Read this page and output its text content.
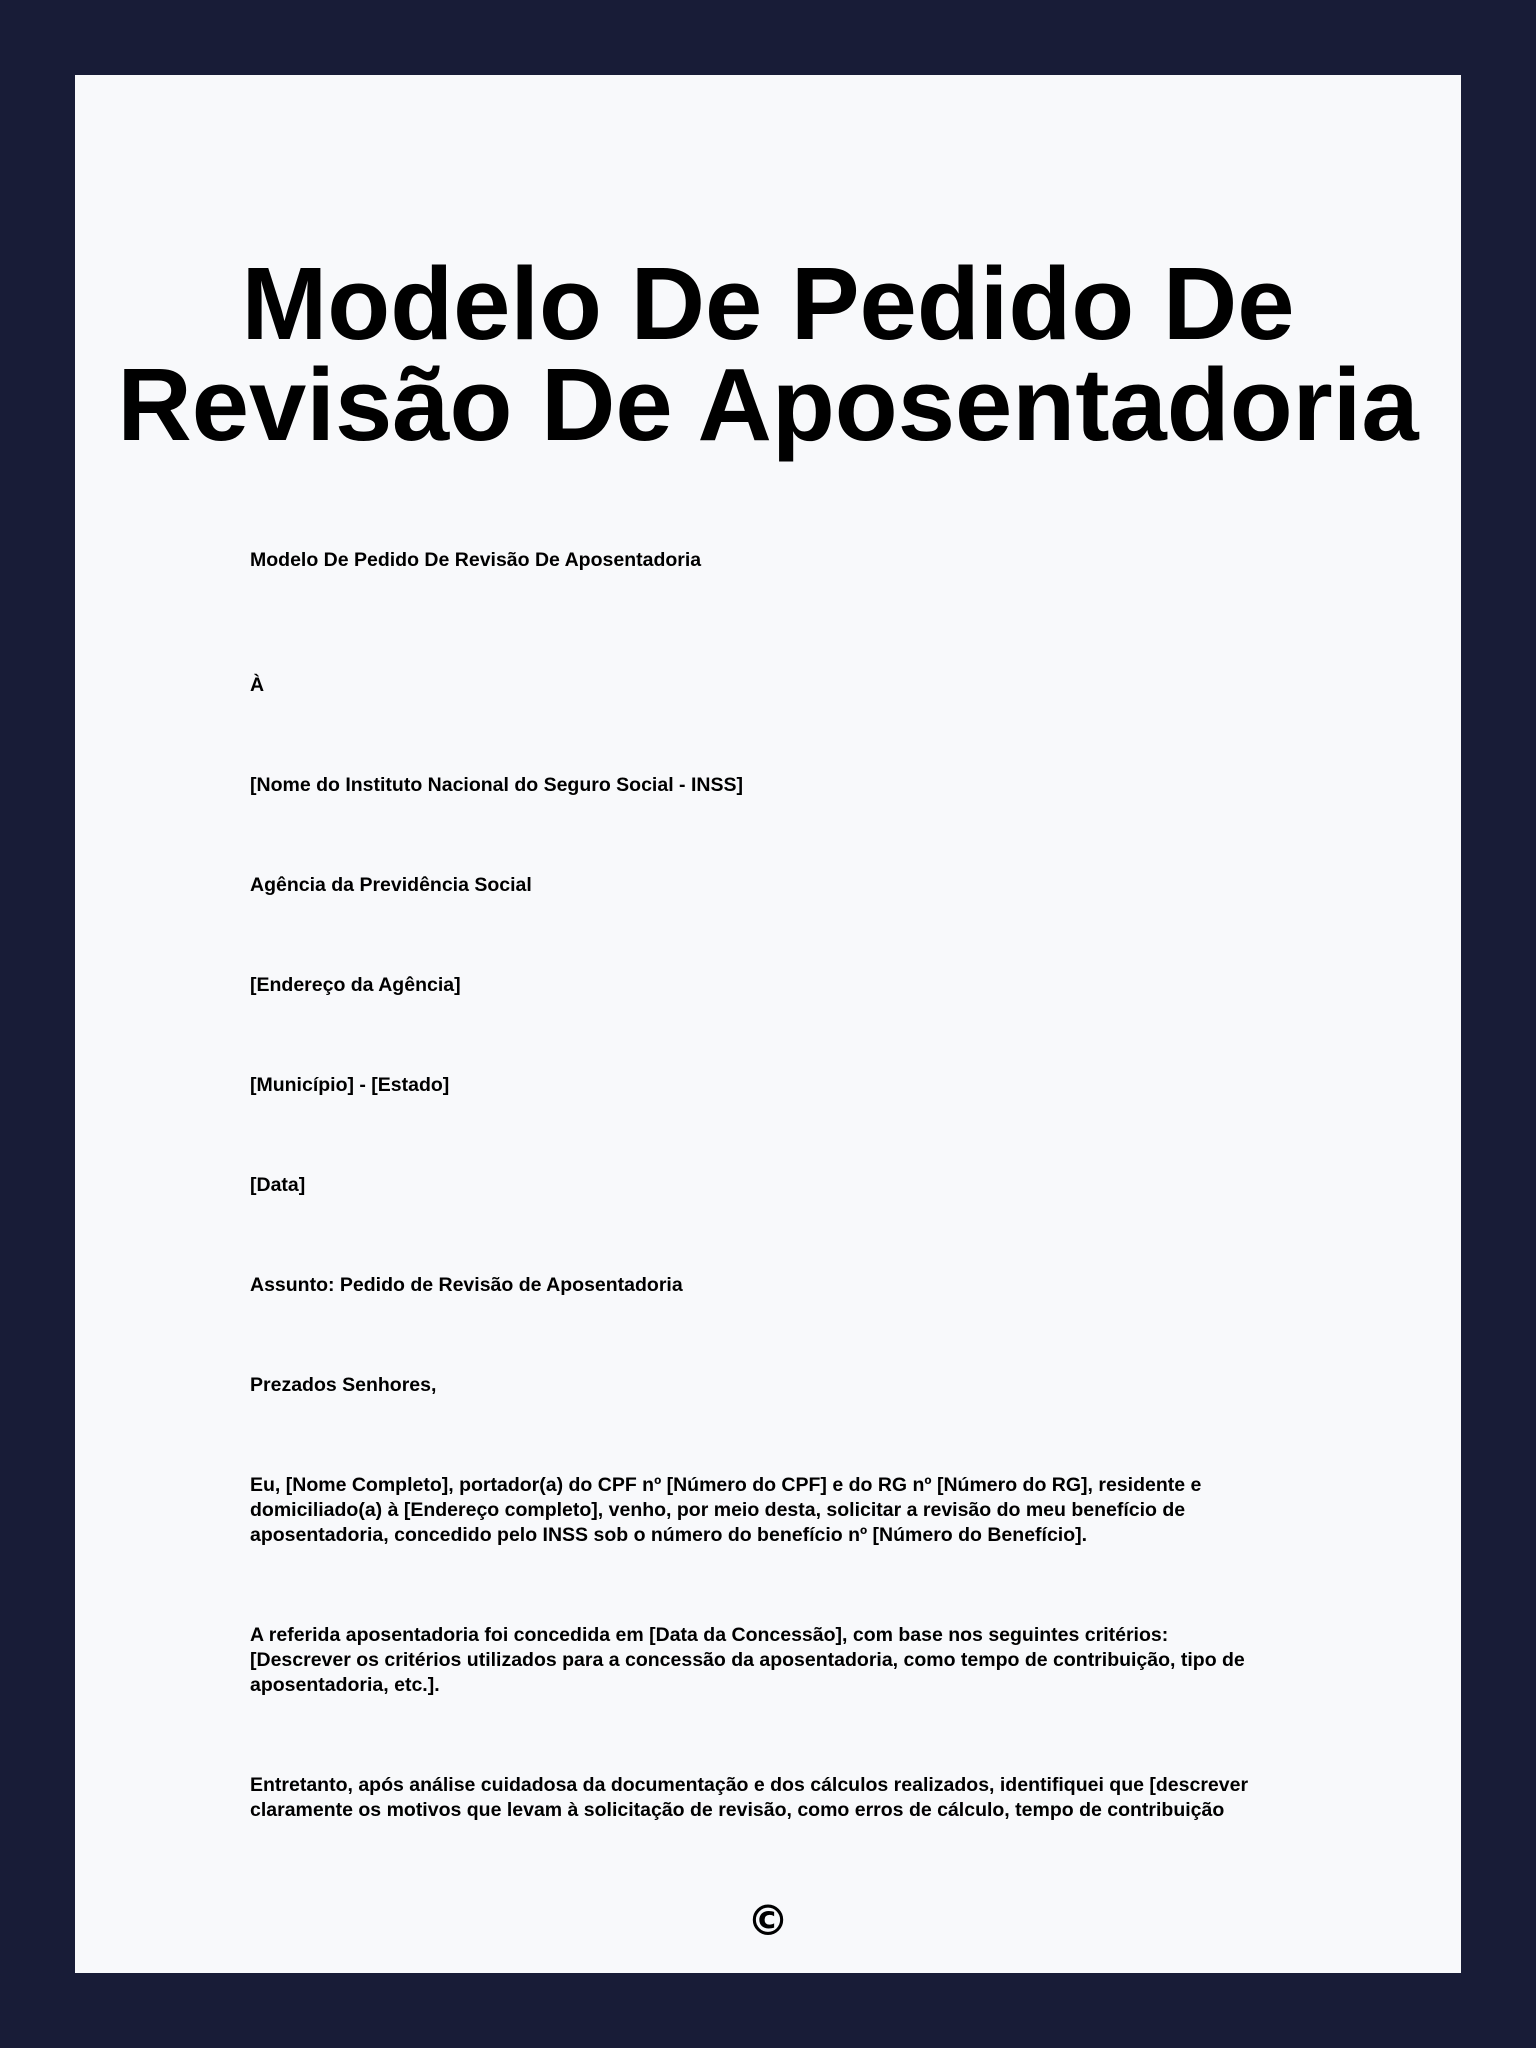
Modelo De Pedido De
Revisão De Aposentadoria

Modelo De Pedido De Revisão De Aposentadoria

À

[Nome do Instituto Nacional do Seguro Social - INSS]

Agência da Previdência Social

[Endereço da Agência]

[Município] - [Estado]

[Data]

Assunto: Pedido de Revisão de Aposentadoria

Prezados Senhores,

Eu, [Nome Completo], portador(a) do CPF nº [Número do CPF] e do RG nº [Número do RG], residente e
domiciliado(a) à [Endereço completo], venho, por meio desta, solicitar a revisão do meu benefício de
aposentadoria, concedido pelo INSS sob o número do benefício nº [Número do Benefício].
A referida aposentadoria foi concedida em [Data da Concessão], com base nos seguintes critérios:
[Descrever os critérios utilizados para a concessão da aposentadoria, como tempo de contribuição, tipo de
aposentadoria, etc.].
Entretanto, após análise cuidadosa da documentação e dos cálculos realizados, identifiquei que [descrever
claramente os motivos que levam à solicitação de revisão, como erros de cálculo, tempo de contribuição
©
